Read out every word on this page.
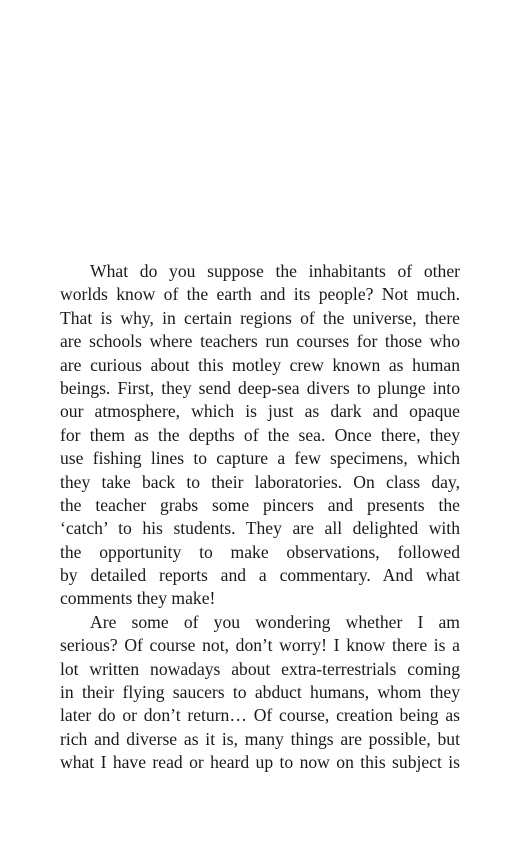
What do you suppose the inhabitants of other
worlds know of the earth and its people? Not much.
That is why, in certain regions of the universe, there
are schools where teachers run courses for those who
are curious about this motley crew known as human
beings. First, they send deep-sea divers to plunge into
our atmosphere, which is just as dark and opaque
for them as the depths of the sea. Once there, they
use fishing lines to capture a few specimens, which
they take back to their laboratories. On class day,
the teacher grabs some pincers and presents the
‘catch’ to his students. They are all delighted with
the opportunity to make observations, followed
by detailed reports and a commentary. And what
comments they make!
Are some of you wondering whether I am
serious? Of course not, don’t worry! I know there is a
lot written nowadays about extra-terrestrials coming
in their flying saucers to abduct humans, whom they
later do or don’t return… Of course, creation being as
rich and diverse as it is, many things are possible, but
what I have read or heard up to now on this subject is
